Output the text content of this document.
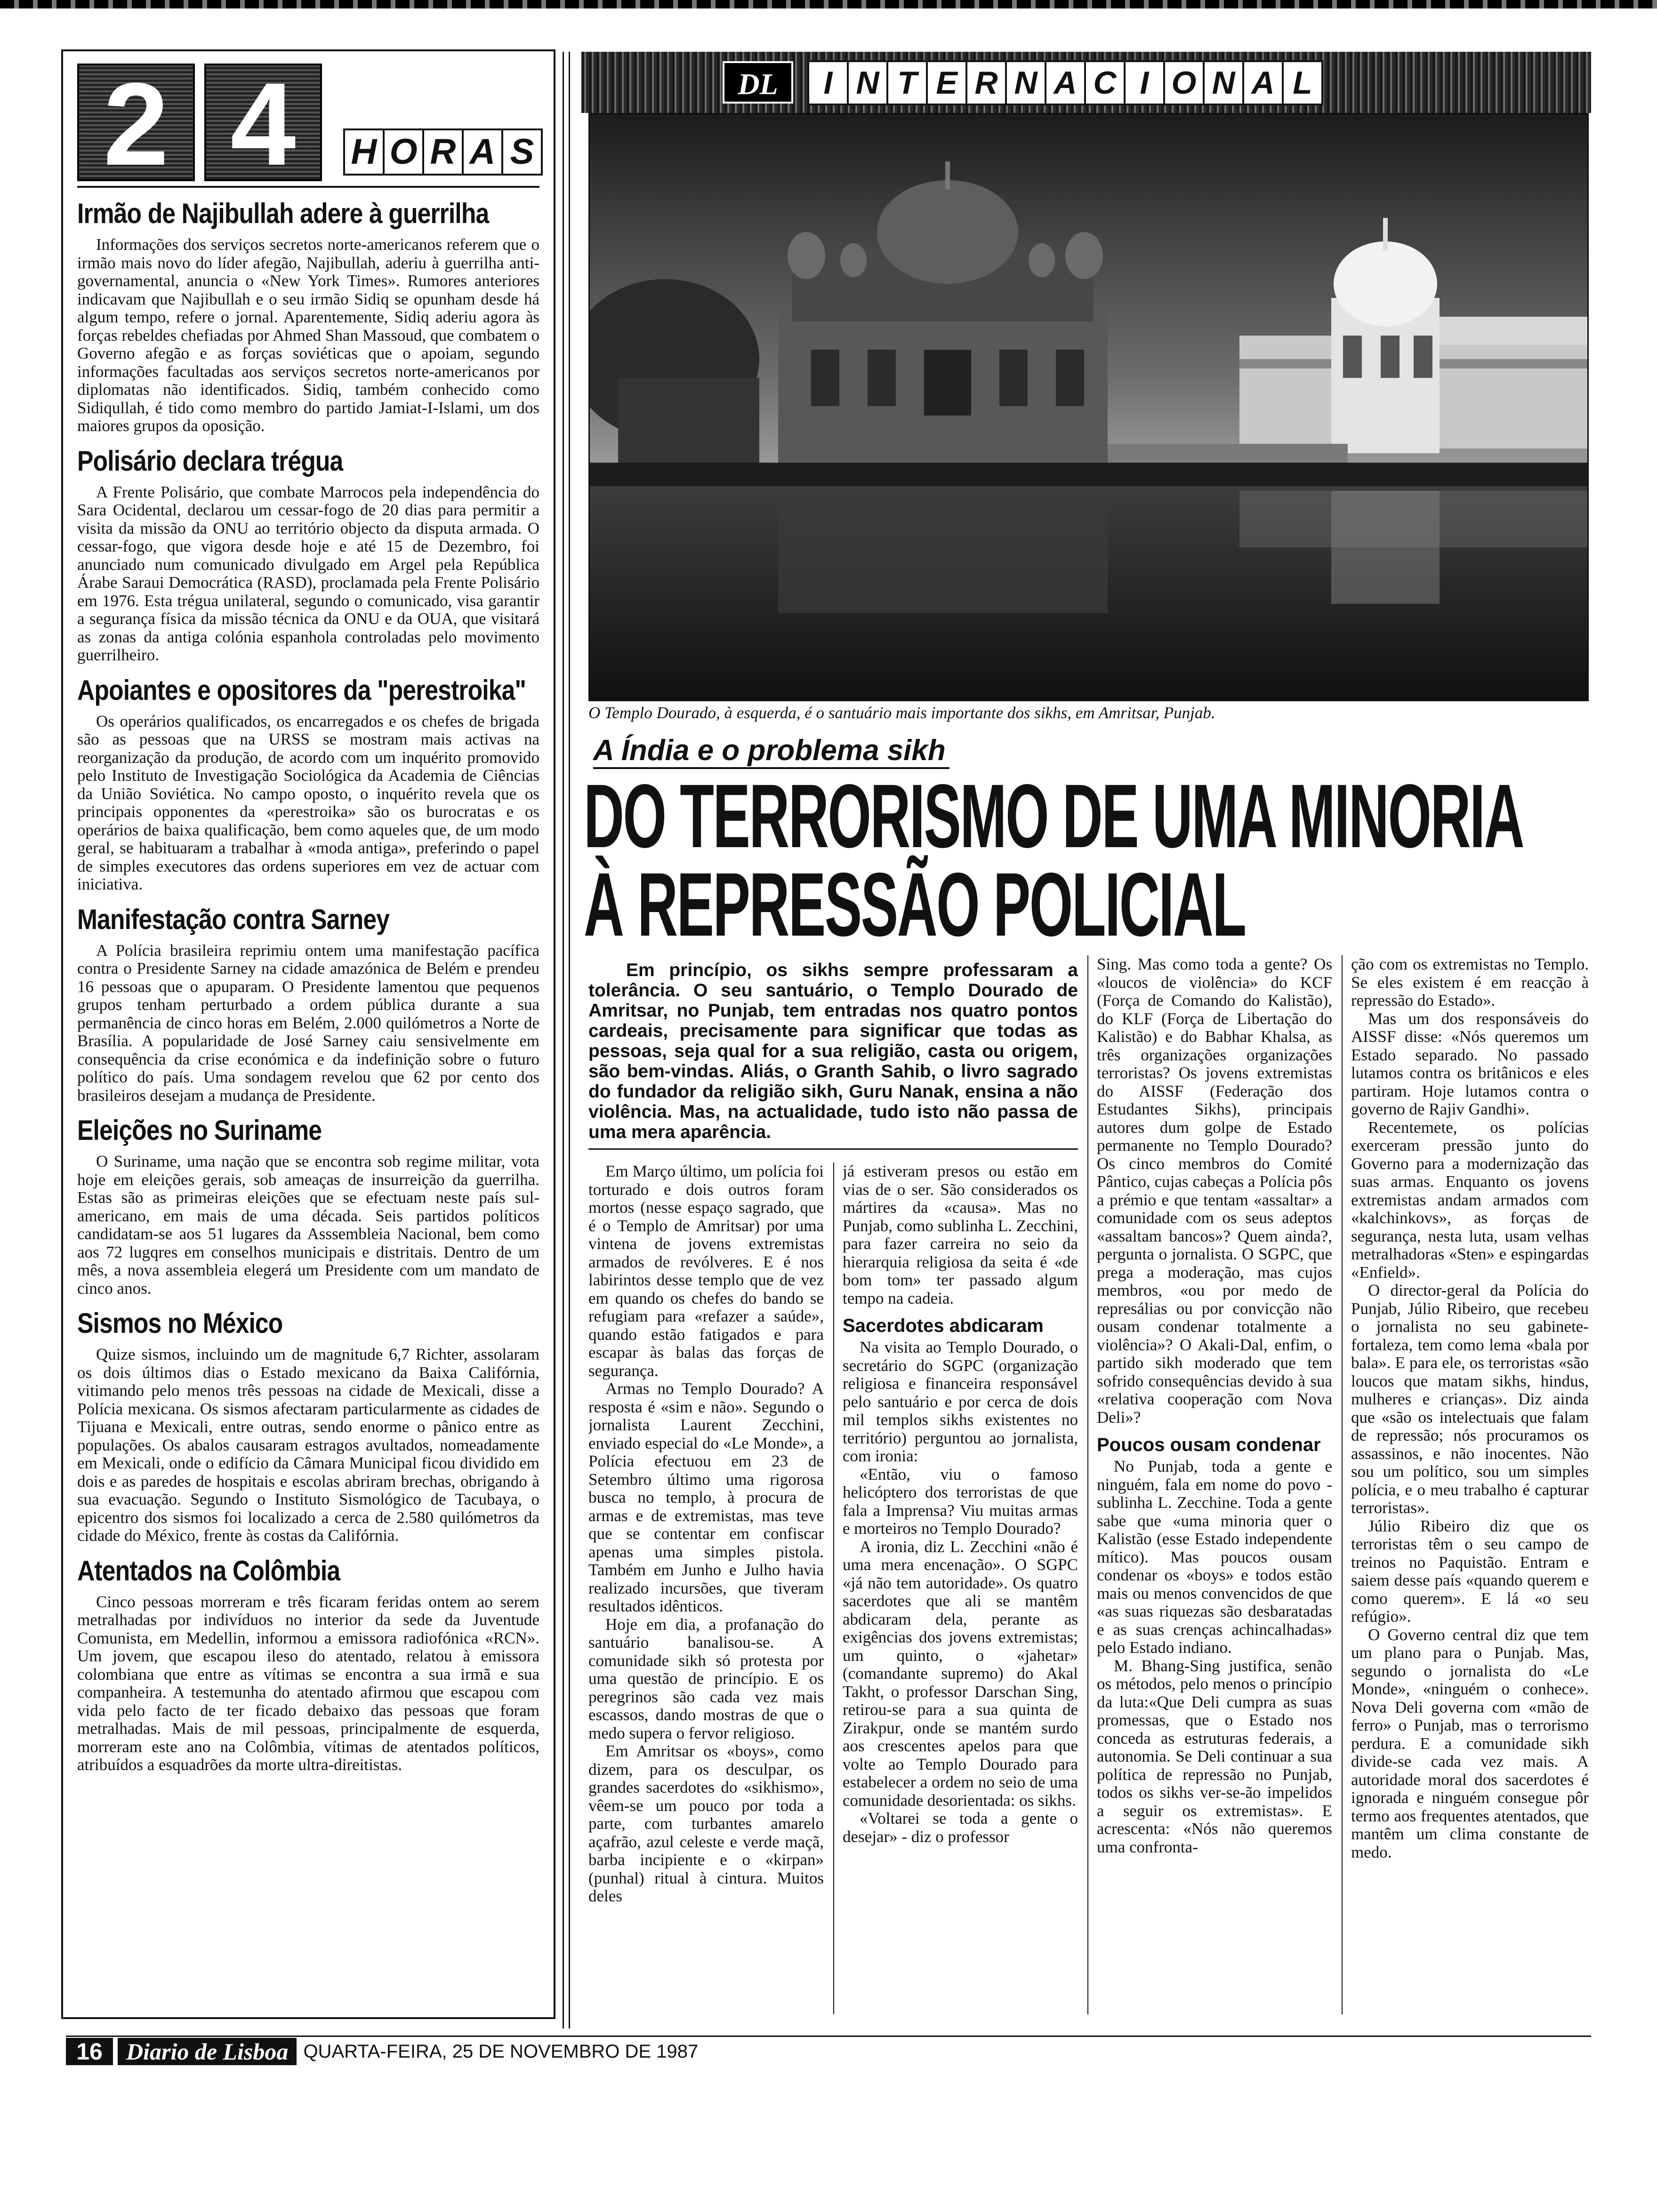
2 4	H O R A S
Irmão de Najibullah adere à guerrilha

Informações dos serviços secretos norte-americanos referem que o irmão mais novo do líder afegão, Najibullah, aderiu à guerrilha anti-governamental, anuncia o «New York Times». Rumores anteriores indicavam que Najibullah e o seu irmão Sidiq se opunham desde há algum tempo, refere o jornal. Aparentemente, Sidiq aderiu agora às forças rebeldes chefiadas por Ahmed Shan Massoud, que combatem o Governo afegão e as forças soviéticas que o apoiam, segundo informações facultadas aos serviços secretos norte-americanos por diplomatas não identificados. Sidiq, também conhecido como Sidiqullah, é tido como membro do partido Jamiat-I-Islami, um dos maiores grupos da oposição.

Polisário declara trégua

A Frente Polisário, que combate Marrocos pela independência do Sara Ocidental, declarou um cessar-fogo de 20 dias para permitir a visita da missão da ONU ao território objecto da disputa armada. O cessar-fogo, que vigora desde hoje e até 15 de Dezembro, foi anunciado num comunicado divulgado em Argel pela República Árabe Saraui Democrática (RASD), proclamada pela Frente Polisário em 1976. Esta trégua unilateral, segundo o comunicado, visa garantir a segurança física da missão técnica da ONU e da OUA, que visitará as zonas da antiga colónia espanhola controladas pelo movimento guerrilheiro.

Apoiantes e opositores da "perestroika"

Os operários qualificados, os encarregados e os chefes de brigada são as pessoas que na URSS se mostram mais activas na reorganização da produção, de acordo com um inquérito promovido pelo Instituto de Investigação Sociológica da Academia de Ciências da União Soviética. No campo oposto, o inquérito revela que os principais opponentes da «perestroika» são os burocratas e os operários de baixa qualificação, bem como aqueles que, de um modo geral, se habituaram a trabalhar à «moda antiga», preferindo o papel de simples executores das ordens superiores em vez de actuar com iniciativa.

Manifestação contra Sarney

A Polícia brasileira reprimiu ontem uma manifestação pacífica contra o Presidente Sarney na cidade amazónica de Belém e prendeu 16 pessoas que o apuparam. O Presidente lamentou que pequenos grupos tenham perturbado a ordem pública durante a sua permanência de cinco horas em Belém, 2.000 quilómetros a Norte de Brasília. A popularidade de José Sarney caiu sensivelmente em consequência da crise económica e da indefinição sobre o futuro político do país. Uma sondagem revelou que 62 por cento dos brasileiros desejam a mudança de Presidente.

Eleições no Suriname

O Suriname, uma nação que se encontra sob regime militar, vota hoje em eleições gerais, sob ameaças de insurreição da guerrilha. Estas são as primeiras eleições que se efectuam neste país sul-americano, em mais de uma década. Seis partidos políticos candidatam-se aos 51 lugares da Asssembleia Nacional, bem como aos 72 lugqres em conselhos municipais e distritais. Dentro de um mês, a nova assembleia elegerá um Presidente com um mandato de cinco anos.

Sismos no México

Quize sismos, incluindo um de magnitude 6,7 Richter, assolaram os dois últimos dias o Estado mexicano da Baixa Califórnia, vitimando pelo menos três pessoas na cidade de Mexicali, disse a Polícia mexicana. Os sismos afectaram particularmente as cidades de Tijuana e Mexicali, entre outras, sendo enorme o pânico entre as populações. Os abalos causaram estragos avultados, nomeadamente em Mexicali, onde o edifício da Câmara Municipal ficou dividido em dois e as paredes de hospitais e escolas abriram brechas, obrigando à sua evacuação. Segundo o Instituto Sismológico de Tacubaya, o epicentro dos sismos foi localizado a cerca de 2.580 quilómetros da cidade do México, frente às costas da Califórnia.

Atentados na Colômbia

Cinco pessoas morreram e três ficaram feridas ontem ao serem metralhadas por indivíduos no interior da sede da Juventude Comunista, em Medellin, informou a emissora radiofónica «RCN». Um jovem, que escapou ileso do atentado, relatou à emissora colombiana que entre as vítimas se encontra a sua irmã e sua companheira. A testemunha do atentado afirmou que escapou com vida pelo facto de ter ficado debaixo das pessoas que foram metralhadas. Mais de mil pessoas, principalmente de esquerda, morreram este ano na Colômbia, vítimas de atentados políticos, atribuídos a esquadrões da morte ultra-direitistas.

DL	I N T E R N A C I O N A L
O Templo Dourado, à esquerda, é o santuário mais importante dos sikhs, em Amritsar, Punjab.
A Índia e o problema sikh
DO TERRORISMO DE UMA MINORIA
À REPRESSÃO POLICIAL

Em princípio, os sikhs sempre professaram a tolerância. O seu santuário, o Templo Dourado de Amritsar, no Punjab, tem entradas nos quatro pontos cardeais, precisamente para significar que todas as pessoas, seja qual for a sua religião, casta ou origem, são bem-vindas. Aliás, o Granth Sahib, o livro sagrado do fundador da religião sikh, Guru Nanak, ensina a não violência. Mas, na actualidade, tudo isto não passa de uma mera aparência.

Em Março último, um polícia foi torturado e dois outros foram mortos (nesse espaço sagrado, que é o Templo de Amritsar) por uma vintena de jovens extremistas armados de revólveres. E é nos labirintos desse templo que de vez em quando os chefes do bando se refugiam para «refazer a saúde», quando estão fatigados e para escapar às balas das forças de segurança.

Armas no Templo Dourado? A resposta é «sim e não». Segundo o jornalista Laurent Zecchini, enviado especial do «Le Monde», a Polícia efectuou em 23 de Setembro último uma rigorosa busca no templo, à procura de armas e de extremistas, mas teve que se contentar em confiscar apenas uma simples pistola. Também em Junho e Julho havia realizado incursões, que tiveram resultados idênticos.

Hoje em dia, a profanação do santuário banalisou-se. A comunidade sikh só protesta por uma questão de princípio. E os peregrinos são cada vez mais escassos, dando mostras de que o medo supera o fervor religioso.

Em Amritsar os «boys», como dizem, para os desculpar, os grandes sacerdotes do «sikhismo», vêem-se um pouco por toda a parte, com turbantes amarelo açafrão, azul celeste e verde maçã, barba incipiente e o «kirpan» (punhal) ritual à cintura. Muitos deles

já estiveram presos ou estão em vias de o ser. São considerados os mártires da «causa». Mas no Punjab, como sublinha L. Zecchini, para fazer carreira no seio da hierarquia religiosa da seita é «de bom tom» ter passado algum tempo na cadeia.

Sacerdotes abdicaram

Na visita ao Templo Dourado, o secretário do SGPC (organização religiosa e financeira responsável pelo santuário e por cerca de dois mil templos sikhs existentes no território) perguntou ao jornalista, com ironia:

«Então, viu o famoso helicóptero dos terroristas de que fala a Imprensa? Viu muitas armas e morteiros no Templo Dourado?

A ironia, diz L. Zecchini «não é uma mera encenação». O SGPC «já não tem autoridade». Os quatro sacerdotes que ali se mantêm abdicaram dela, perante as exigências dos jovens extremistas; um quinto, o «jahetar» (comandante supremo) do Akal Takht, o professor Darschan Sing, retirou-se para a sua quinta de Zirakpur, onde se mantém surdo aos crescentes apelos para que volte ao Templo Dourado para estabelecer a ordem no seio de uma comunidade desorientada: os sikhs.

«Voltarei se toda a gente o desejar» - diz o professor

Sing. Mas como toda a gente? Os «loucos de violência» do KCF (Força de Comando do Kalistão), do KLF (Força de Libertação do Kalistão) e do Babhar Khalsa, as três organizações organizações terroristas? Os jovens extremistas do AISSF (Federação dos Estudantes Sikhs), principais autores dum golpe de Estado permanente no Templo Dourado? Os cinco membros do Comité Pântico, cujas cabeças a Polícia pôs a prémio e que tentam «assaltar» a comunidade com os seus adeptos «assaltam bancos»? Quem ainda?, pergunta o jornalista. O SGPC, que prega a moderação, mas cujos membros, «ou por medo de represálias ou por convicção não ousam condenar totalmente a violência»? O Akali-Dal, enfim, o partido sikh moderado que tem sofrido consequências devido à sua «relativa cooperação com Nova Deli»?

Poucos ousam condenar

No Punjab, toda a gente e ninguém, fala em nome do povo - sublinha L. Zecchine. Toda a gente sabe que «uma minoria quer o Kalistão (esse Estado independente mítico). Mas poucos ousam condenar os «boys» e todos estão mais ou menos convencidos de que «as suas riquezas são desbaratadas e as suas crenças achincalhadas» pelo Estado indiano.

M. Bhang-Sing justifica, senão os métodos, pelo menos o princípio da luta:«Que Deli cumpra as suas promessas, que o Estado nos conceda as estruturas federais, a autonomia. Se Deli continuar a sua política de repressão no Punjab, todos os sikhs ver-se-ão impelidos a seguir os extremistas». E acrescenta: «Nós não queremos uma confronta-

ção com os extremistas no Templo. Se eles existem é em reacção à repressão do Estado».

Mas um dos responsáveis do AISSF disse: «Nós queremos um Estado separado. No passado lutamos contra os britânicos e eles partiram. Hoje lutamos contra o governo de Rajiv Gandhi».

Recentemete, os polícias exerceram pressão junto do Governo para a modernização das suas armas. Enquanto os jovens extremistas andam armados com «kalchinkovs», as forças de segurança, nesta luta, usam velhas metralhadoras «Sten» e espingardas «Enfield».

O director-geral da Polícia do Punjab, Júlio Ribeiro, que recebeu o jornalista no seu gabinete-fortaleza, tem como lema «bala por bala». E para ele, os terroristas «são loucos que matam sikhs, hindus, mulheres e crianças». Diz ainda que «são os intelectuais que falam de repressão; nós procuramos os assassinos, e não inocentes. Não sou um político, sou um simples polícia, e o meu trabalho é capturar terroristas».

Júlio Ribeiro diz que os terroristas têm o seu campo de treinos no Paquistão. Entram e saiem desse país «quando querem e como querem». E lá «o seu refúgio».

O Governo central diz que tem um plano para o Punjab. Mas, segundo o jornalista do «Le Monde», «ninguém o conhece». Nova Deli governa com «mão de ferro» o Punjab, mas o terrorismo perdura. E a comunidade sikh divide-se cada vez mais. A autoridade moral dos sacerdotes é ignorada e ninguém consegue pôr termo aos frequentes atentados, que mantêm um clima constante de medo.

16	Diario de Lisboa QUARTA-FEIRA, 25 DE NOVEMBRO DE 1987
